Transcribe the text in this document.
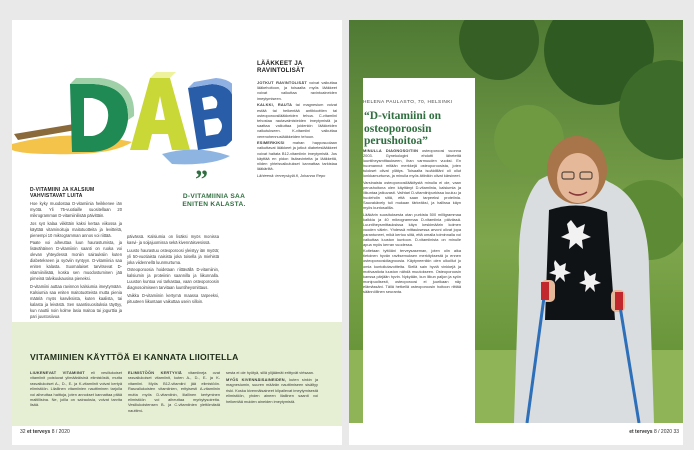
D-VITAMIINI JA KALSIUM VAHVISTAVAT LUITA

Hoe kyky muodostaa D-vitamiinia heikkenee iän myötä. Yli 75-vuotiaille suositellaan 20 mikrogramman D-vitamiinilisää päivittäin.

Jos syö kalaa viikittäin kaksi kertaa viikossa ja käyttää vitaminoituja maitotuotteita ja levitteitä, pienempi 10 mikrogramman annos voi riittää.

Paate voi aiheuttaa luun haurastumista, ja lisävähäinen D-vitamiinin saanti on ruoka voi olevan yhteydessä moniin sairauksiin kuten diabetekseen ja syöviin syntyyn. D-vitamiinia saa eniten kalasta. Suomalaiset tarvitsevat D-vitamiinilisää, koska sen muodostuminen jää pimeinä talvikuukausina pieneksi.

D-vitamiini auttaa ravinnon kalsiumia imeytymään. Kalsiumia saa eniten maitotuotteista mutta pienia määriä myös kasviksista, kuten kaalista, tai kalasta ja leivästä. Sen saantisuosituksia täyttyy, kun nauttii noin kolme lasia maitoa tai jogurttia ja pari juustosiivua

”
D-VITAMIINIA SAA ENITEN KALASTA.

päivässä. Kalsiumia on lisäksi myös monissa kasvi- ja soijajuomissa sekä kivennäisvesissä.

Luusto haurastuu osteoporoosi yleistyy iän myötä; yli 50-vuotiaista naisista joka toisella ja miehistä joka viidennellä luunmurtuma.

Osteoporoosia hoidetaan riittävällä D-vitamiinin, kalsiumin ja proteiinin saannilla ja liikunnalla. Luuston kuntoa voi tarkastaa, vaan osteoporoosin diagnosoimiseen tarvitaan luuntiheysmittaus.

Vaikka D-vitamiinin kertymä maassa tarpeeksi, pituuteen liikuntaan vaikuttaa usein silloin.

LÄÄKKEET JA RAVINTOLISÄT

JOTKUT RAVINTOLISÄT voivat vaikuttaa lääkehoitoon, ja toisaalta myös lääkkeet voivat vaikuttaa ravintoaineiden imeytymiseen.

KALKKI, RAUTA tai magnesium voivat estää tai heikentää antibioottien tai osteoporoosilääkkeiden tehoa. C-vitamiini tehostaa rautavalmisteiden imeytymistä ja saattaa vaikuttaa joidenkin lääkkeiden vaikutukseen. K-vitamiini vaikuttaa verenohennuslääkkeiden tehoon.

ESIMERKIKSI mahan happosuolaan vaikuttavat lääkkeet ja jotkut diabeteslääkkeet voivat haitata B12-vitamiinin imeytymistä. Jos käyttää en pidon lisäravinteita ja lääkkeitä, niiden yhteisvaikutukset kannattaa tarkistaa lääkäriltä.

Lähteenä: terveyskylä.fi, Johanna Repo

VITAMIINIEN KÄYTTÖÄ EI KANNATA LIIOITELLA

LIUKENEVAT VITAMIINIT eli vesiliukoiset vitamiinit poistuvat ylimääräisinä elimistöstä, mutta rasvaliukoiset A-, D-, E- ja K-vitamiinit voivat kertyä elimistöön. Liiallinen vitamiinien nauttiminen tarjolla voi aiheuttaa haittoja, joten annokset kannattaa pitää maltillisina. Ne, joilla on sairauksia, voivat tarvita lisää.

ELIMISTÖÖN KERTYVIÄ vitamiineja ovat rasvaliukoiset vitamiinit, kuten A-, D-, E- ja K-vitamiini. Myös B12-vitamiini jää elimistöön. Rasvaliukoisten vitamiinien, erityisesti A-vitamiinin mutta myös D-vitamiinin, liiallinen kertyminen elimistöön voi aiheuttaa myrkytysoireita. Vesiliukoistensen B- ja C-vitamiinien ylettömästä nauttimi-

sesta ei ole hyötyä, sillä ylijäämät erittyvät virtsaan.

MYÖS KIVENNÄISAINEIDEN, kuten sinkin ja magnesiumin, suuren määrän nauttimiseen sisältyy riski. Koska kivennäisaineet kilpailevat imeytymisestä elimistöön, yhden aineen liiallinen saanti voi heikentää muiden aineiden imeytymistä.

32 et terveys 8 / 2020
HELENA PAULASTO, 70, HELSINKI
“D-vitamiini on osteoporoosin perushoitoa”

MINULLA DIAGNOSOITIIN osteoporoosi vuonna 2003. Gynekologini ehdotti lähetettä luuntiheysmittaukseen, ihan varmuuden vuoksi. En huomannut mitään merkkejä osteoporoosista, joten tulokset olivat yllätys. Toisaalta isoäidilläni oli ollut lonkkamurtuma, ja minulla myös äitinikin olivat kärsineet.

Varsinaista osteoporoosilääkitystä minulla ei ole, vaan perushoitona olen käyttänyt D-vitamiinia, kalsiumia ja liikuntaa jatkuvasti. Vaihtari D-vitamiinipurkissa kuuluu ja huolehdin siitä, että saan tarpeeksi proteiinia. Sauvakävely tuli mukaan tärkeäksi, ja hallissa käyn myös kuntosalilla.

Lääkärin suosituksesta otan purkista 500 milligrammaa kalkkia ja 40 mikrogrammaa D-vitamiinia päivässä. Luuntiheysmittauksissa käyn keskimäärin kolmen vuoden välein. Yhdessä mittauksessa arvoni olivat jopa parantuneet, mikä kertoo siitä, että omalla toiminnalla voi vaikuttaa luuston kuntoon. D-vitamiinista on minulle apua myös kerran vuodessa.

Koitetaan tyttöäni terveysaseman, joten olin aika tietoinen hyvän ravitsemuksen merkityksestä jo ennen osteoporoosidiagnoosia. Käytyneenikin olen ulkoillut jo omia kuntoilutavoitteita. Siellä sain hyviä vinkkejä ja motivaatiota luuston nähdä muutokseen. Osteoporoosin kanssa pärjään hyvin. Nykyään, kun liikun paljon ja syön monipuolisesti, osteoporoosi ei juurikaan näy elämässäni. Tällä hetkellä osteoporoosin hoitoon riittää säännöllinen seuranta.

et terveys 8 / 2020 33
